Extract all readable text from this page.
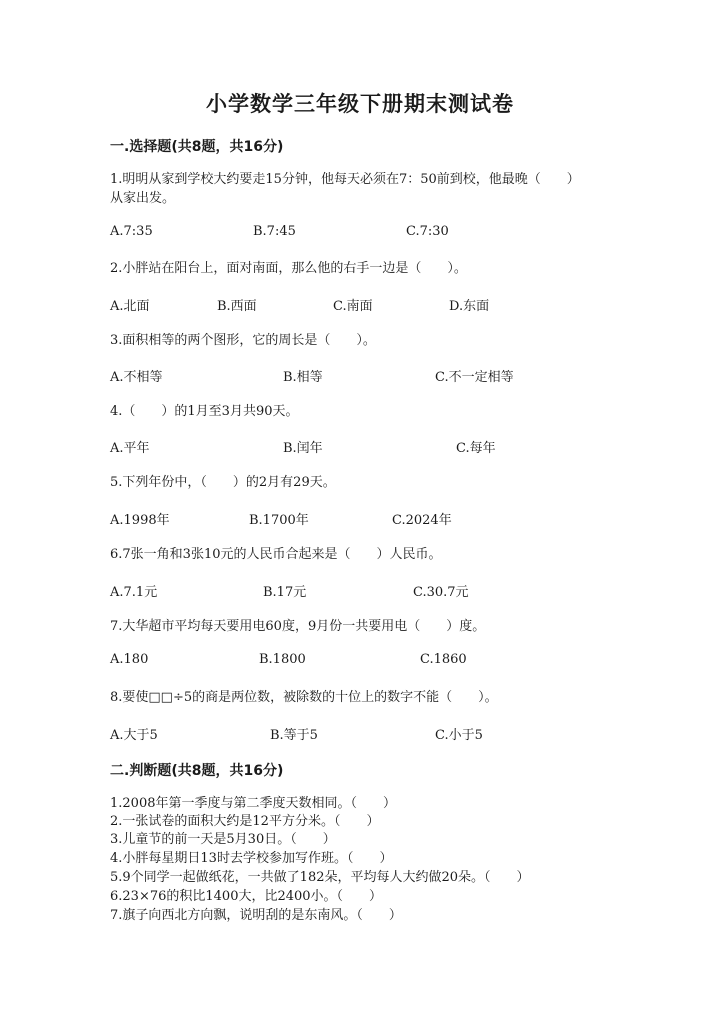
小学数学三年级下册期末测试卷
一.选择题(共8题，共16分)
1.明明从家到学校大约要走15分钟，他每天必须在7：50前到校，他最晚（　　）从家出发。
A.7:35	B.7:45	C.7:30
2.小胖站在阳台上，面对南面，那么他的右手一边是（　　）。
A.北面	B.西面	C.南面	D.东面
3.面积相等的两个图形，它的周长是（　　）。
A.不相等	B.相等	C.不一定相等
4.（　　）的1月至3月共90天。
A.平年	B.闰年	C.每年
5.下列年份中，（　　）的2月有29天。
A.1998年	B.1700年	C.2024年
6.7张一角和3张10元的人民币合起来是（　　）人民币。
A.7.1元	B.17元	C.30.7元
7.大华超市平均每天要用电60度，9月份一共要用电（　　）度。
A.180	B.1800	C.1860
8.要使□□÷5的商是两位数，被除数的十位上的数字不能（　　）。
A.大于5	B.等于5	C.小于5
二.判断题(共8题，共16分)
1.2008年第一季度与第二季度天数相同。（　　）
2.一张试卷的面积大约是12平方分米。（　　）
3.儿童节的前一天是5月30日。（　　）
4.小胖每星期日13时去学校参加写作班。（　　）
5.9个同学一起做纸花，一共做了182朵，平均每人大约做20朵。（　　）
6.23×76的积比1400大，比2400小。（　　）
7.旗子向西北方向飘，说明刮的是东南风。（　　）
